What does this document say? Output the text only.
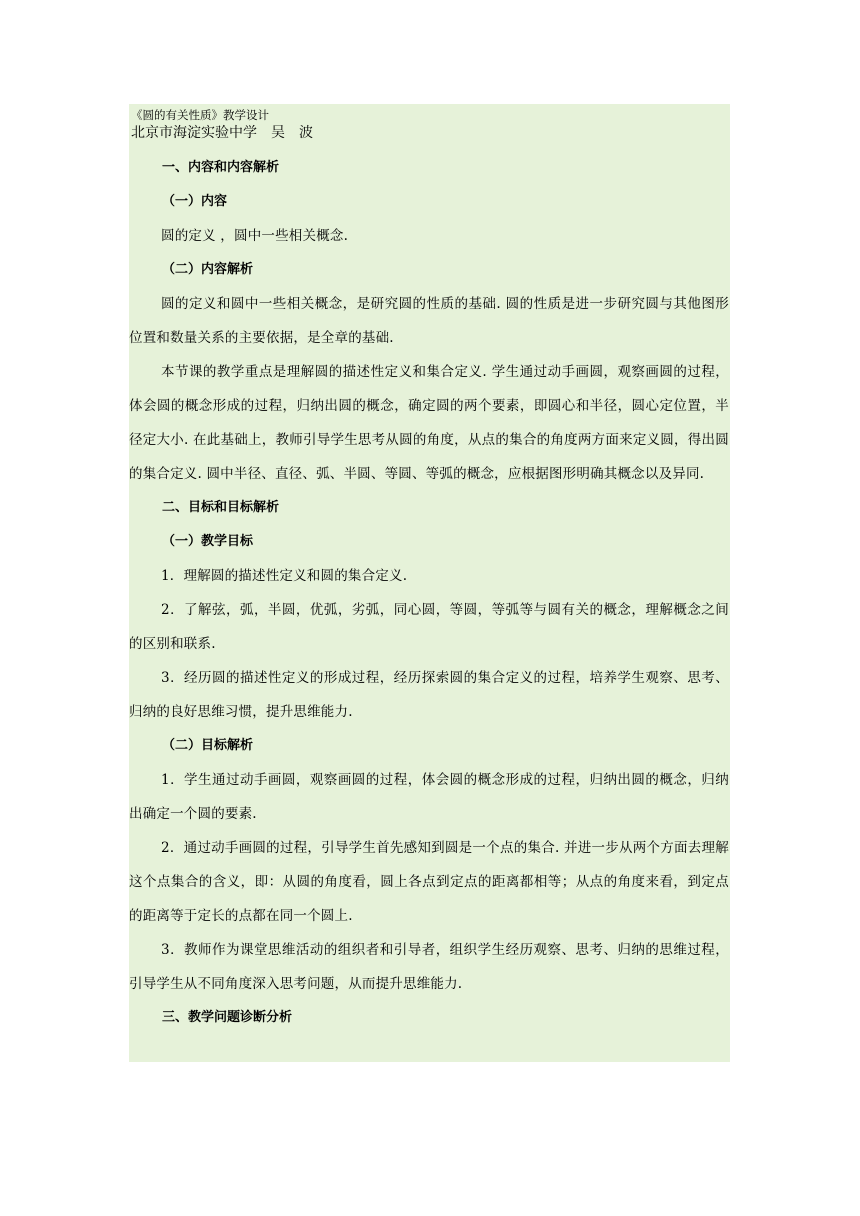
《圆的有关性质》教学设计
北京市海淀实验中学 吴 波
一、内容和内容解析
（一）内容

圆的定义 ，圆中一些相关概念.

（二）内容解析

圆的定义和圆中一些相关概念，是研究圆的性质的基础. 圆的性质是进一步研究圆与其他图形位置和数量关系的主要依据，是全章的基础.

本节课的教学重点是理解圆的描述性定义和集合定义. 学生通过动手画圆，观察画圆的过程，体会圆的概念形成的过程，归纳出圆的概念，确定圆的两个要素，即圆心和半径，圆心定位置，半径定大小. 在此基础上，教师引导学生思考从圆的角度，从点的集合的角度两方面来定义圆，得出圆的集合定义. 圆中半径、直径、弧、半圆、等圆、等弧的概念，应根据图形明确其概念以及异同.

二、目标和目标解析
（一）教学目标

1．理解圆的描述性定义和圆的集合定义.

2．了解弦，弧，半圆，优弧，劣弧，同心圆，等圆，等弧等与圆有关的概念，理解概念之间的区别和联系.

3．经历圆的描述性定义的形成过程，经历探索圆的集合定义的过程，培养学生观察、思考、归纳的良好思维习惯，提升思维能力.

（二）目标解析

1．学生通过动手画圆，观察画圆的过程，体会圆的概念形成的过程，归纳出圆的概念，归纳出确定一个圆的要素.

2．通过动手画圆的过程，引导学生首先感知到圆是一个点的集合. 并进一步从两个方面去理解这个点集合的含义，即：从圆的角度看，圆上各点到定点的距离都相等；从点的角度来看，到定点的距离等于定长的点都在同一个圆上.

3．教师作为课堂思维活动的组织者和引导者，组织学生经历观察、思考、归纳的思维过程，引导学生从不同角度深入思考问题，从而提升思维能力.

三、教学问题诊断分析
